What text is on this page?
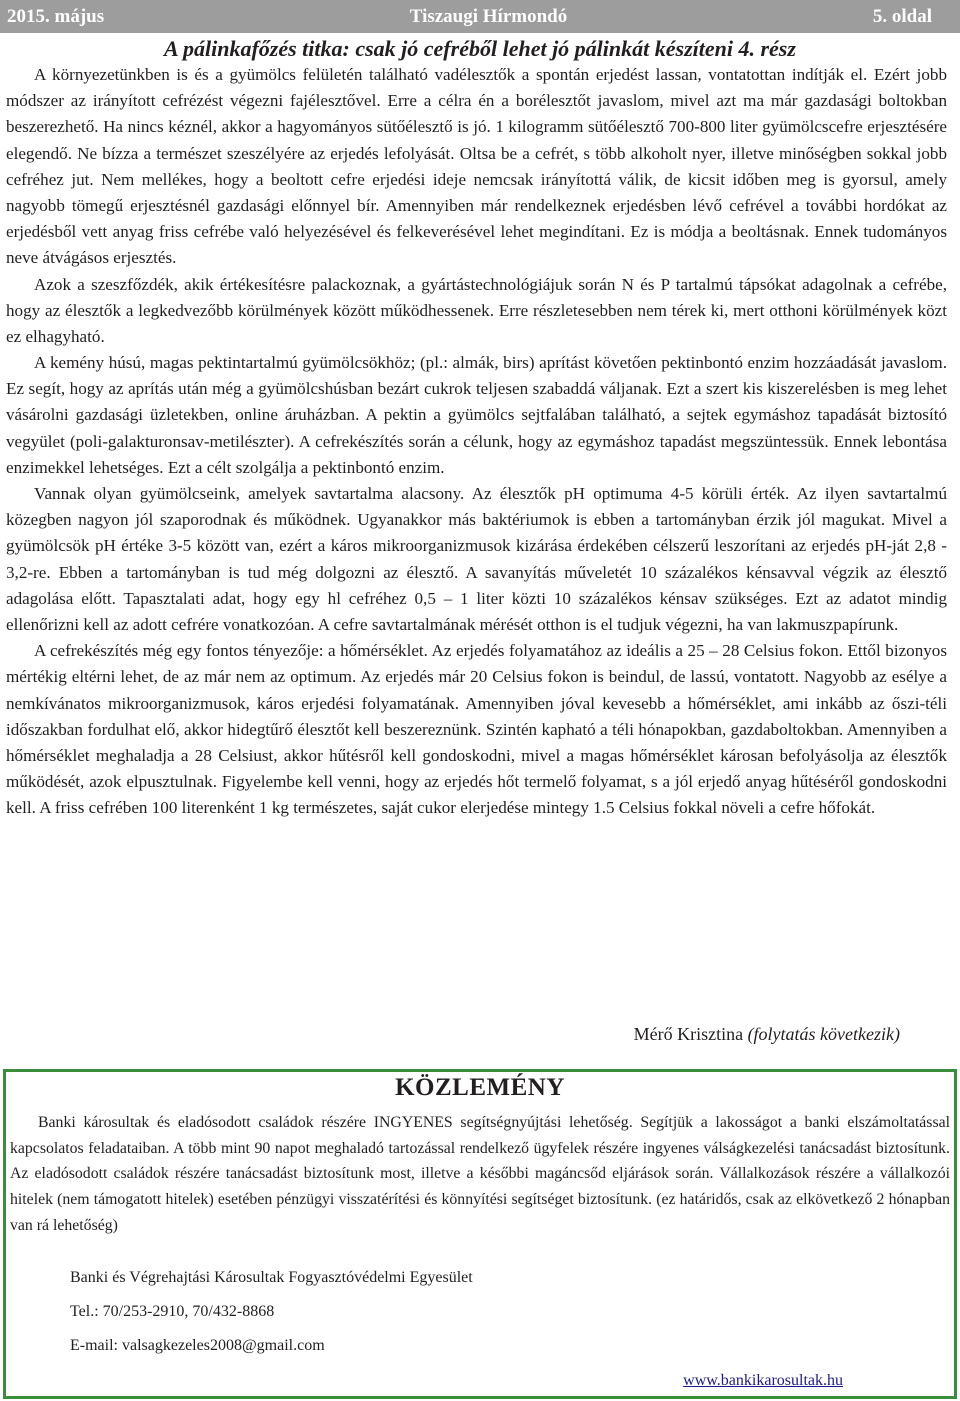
2015. május	Tiszaugi Hírmondó	5. oldal
A pálinkafőzés titka: csak jó cefréből lehet jó pálinkát készíteni 4. rész

A környezetünkben is és a gyümölcs felületén található vadélesztők a spontán erjedést lassan, vontatottan indítják el. Ezért jobb módszer az irányított cefrézést végezni fajélesztővel. Erre a célra én a borélesztőt javaslom, mivel azt ma már gazdasági boltokban beszerezhető. Ha nincs kéznél, akkor a hagyományos sütőélesztő is jó. 1 kilogramm sütőélesztő 700-800 liter gyümölcscefre erjesztésére elegendő. Ne bízza a természet szeszélyére az erjedés lefolyását. Oltsa be a cefrét, s több alkoholt nyer, illetve minőségben sokkal jobb cefréhez jut. Nem mellékes, hogy a beoltott cefre erjedési ideje nemcsak irányítottá válik, de kicsit időben meg is gyorsul, amely nagyobb tömegű erjesztésnél gazdasági előnnyel bír. Amennyiben már rendelkeznek erjedésben lévő cefrével a további hordókat az erjedésből vett anyag friss cefrébe való helyezésével és felkeverésével lehet megindítani. Ez is módja a beoltásnak. Ennek tudományos neve átvágásos erjesztés.

Azok a szeszfőzdék, akik értékesítésre palackoznak, a gyártástechnológiájuk során N és P tartalmú tápsókat adagolnak a cefrébe, hogy az élesztők a legkedvezőbb körülmények között működhessenek. Erre részletesebben nem térek ki, mert otthoni körülmények közt ez elhagyható.

A kemény húsú, magas pektintartalmú gyümölcsökhöz; (pl.: almák, birs) aprítást követően pektinbontó enzim hozzáadását javaslom. Ez segít, hogy az aprítás után még a gyümölcshúsban bezárt cukrok teljesen szabaddá váljanak. Ezt a szert kis kiszerelésben is meg lehet vásárolni gazdasági üzletekben, online áruházban. A pektin a gyümölcs sejtfalában található, a sejtek egymáshoz tapadását biztosító vegyület (poli-galakturonsav-metilészter). A cefrekészítés során a célunk, hogy az egymáshoz tapadást megszüntessük. Ennek lebontása enzimekkel lehetséges. Ezt a célt szolgálja a pektinbontó enzim.

Vannak olyan gyümölcseink, amelyek savtartalma alacsony. Az élesztők pH optimuma 4-5 körüli érték. Az ilyen savtartalmú közegben nagyon jól szaporodnak és működnek. Ugyanakkor más baktériumok is ebben a tartományban érzik jól magukat. Mivel a gyümölcsök pH értéke 3-5 között van, ezért a káros mikroorganizmusok kizárása érdekében célszerű leszorítani az erjedés pH-ját 2,8 - 3,2-re. Ebben a tartományban is tud még dolgozni az élesztő. A savanyítás műveletét 10 százalékos kénsavval végzik az élesztő adagolása előtt. Tapasztalati adat, hogy egy hl cefréhez 0,5 – 1 liter közti 10 százalékos kénsav szükséges. Ezt az adatot mindig ellenőrizni kell az adott cefrére vonatkozóan. A cefre savtartalmának mérését otthon is el tudjuk végezni, ha van lakmuszpapírunk.

A cefrekészítés még egy fontos tényezője: a hőmérséklet. Az erjedés folyamatához az ideális a 25 – 28 Celsius fokon. Ettől bizonyos mértékig eltérni lehet, de az már nem az optimum. Az erjedés már 20 Celsius fokon is beindul, de lassú, vontatott. Nagyobb az esélye a nemkívánatos mikroorganizmusok, káros erjedési folyamatának. Amennyiben jóval kevesebb a hőmérséklet, ami inkább az őszi-téli időszakban fordulhat elő, akkor hidegtűrő élesztőt kell beszereznünk. Szintén kapható a téli hónapokban, gazdaboltokban. Amennyiben a hőmérséklet meghaladja a 28 Celsiust, akkor hűtésről kell gondoskodni, mivel a magas hőmérséklet károsan befolyásolja az élesztők működését, azok elpusztulnak. Figyelembe kell venni, hogy az erjedés hőt termelő folyamat, s a jól erjedő anyag hűtéséről gondoskodni kell. A friss cefrében 100 literenként 1 kg természetes, saját cukor elerjedése mintegy 1.5 Celsius fokkal növeli a cefre hőfokát.

Mérő Krisztina (folytatás következik)
KÖZLEMÉNY

Banki károsultak és eladósodott családok részére INGYENES segítségnyújtási lehetőség. Segítjük a lakosságot a banki elszámoltatással kapcsolatos feladataiban. A több mint 90 napot meghaladó tartozással rendelkező ügyfelek részére ingyenes válságkezelési tanácsadást biztosítunk. Az eladósodott családok részére tanácsadást biztosítunk most, illetve a későbbi magáncsőd eljárások során. Vállalkozások részére a vállalkozói hitelek (nem támogatott hitelek) esetében pénzügyi visszatérítési és könnyítési segítséget biztosítunk. (ez határidős, csak az elkövetkező 2 hónapban van rá lehetőség)

Banki és Végrehajtási Károsultak Fogyasztóvédelmi Egyesület
Tel.: 70/253-2910, 70/432-8868
E-mail: valsagkezeles2008@gmail.com
www.bankikarosultak.hu
